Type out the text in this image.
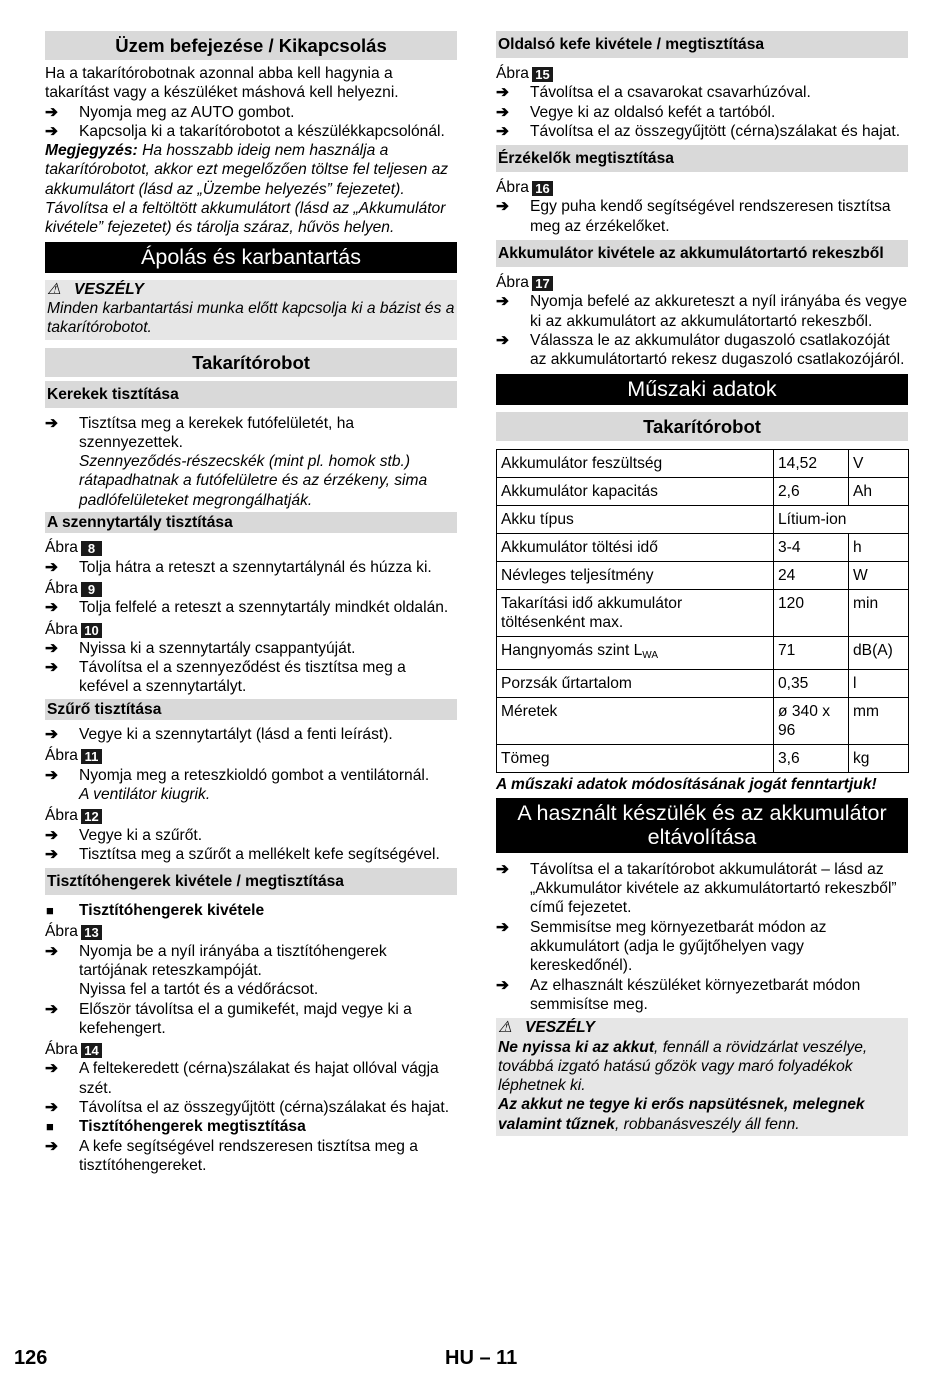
Üzem befejezése / Kikapcsolás

Ha a takarítórobotnak azonnal abba kell hagynia a takarítást vagy a készüléket máshová kell helyezni.

➔ Nyomja meg az AUTO gombot.
➔ Kapcsolja ki a takarítórobotot a készülékkapcsolónál.

Megjegyzés: Ha hosszabb ideig nem használja a takarítórobotot, akkor ezt megelőzően töltse fel teljesen az akkumulátort (lásd az „Üzembe helyezés” fejezetet). Távolítsa el a feltöltött akkumulátort (lásd az „Akkumulátor kivétele” fejezetet) és tárolja száraz, hűvös helyen.

Ápolás és karbantartás
⚠ VESZÉLY
Minden karbantartási munka előtt kapcsolja ki a bázist és a takarítórobotot.
Takarítórobot
Kerekek tisztítása
➔ Tisztítsa meg a kerekek futófelületét, ha szennyezettek.
Szennyeződés-részecskék (mint pl. homok stb.) rátapadhatnak a futófelületre és az érzékeny, sima padlófelületeket megrongálhatják.
A szennytartály tisztítása
Ábra 8
➔ Tolja hátra a reteszt a szennytartálynál és húzza ki.
Ábra 9
➔ Tolja felfelé a reteszt a szennytartály mindkét oldalán.
Ábra 10
➔ Nyissa ki a szennytartály csappantyúját.
➔ Távolítsa el a szennyeződést és tisztítsa meg a kefével a szennytartályt.
Szűrő tisztítása
➔ Vegye ki a szennytartályt (lásd a fenti leírást).
Ábra 11
➔ Nyomja meg a reteszkioldó gombot a ventilátornál.
A ventilátor kiugrik.
Ábra 12
➔ Vegye ki a szűrőt.
➔ Tisztítsa meg a szűrőt a mellékelt kefe segítségével.
Tisztítóhengerek kivétele / megtisztítása
■ Tisztítóhengerek kivétele
Ábra 13
➔ Nyomja be a nyíl irányába a tisztítóhengerek tartójának reteszkampóját.
Nyissa fel a tartót és a védőrácsot.
➔ Először távolítsa el a gumikefét, majd vegye ki a kefehengert.
Ábra 14
➔ A feltekeredett (cérna)szálakat és hajat ollóval vágja szét.
➔ Távolítsa el az összegyűjtött (cérna)szálakat és hajat.
■ Tisztítóhengerek megtisztítása
➔ A kefe segítségével rendszeresen tisztítsa meg a tisztítóhengereket.
Oldalsó kefe kivétele / megtisztítása
Ábra 15
➔ Távolítsa el a csavarokat csavarhúzóval.
➔ Vegye ki az oldalsó kefét a tartóból.
➔ Távolítsa el az összegyűjtött (cérna)szálakat és hajat.
Érzékelők megtisztítása
Ábra 16
➔ Egy puha kendő segítségével rendszeresen tisztítsa meg az érzékelőket.
Akkumulátor kivétele az akkumulátortartó rekeszből
Ábra 17
➔ Nyomja befelé az akkureteszt a nyíl irányába és vegye ki az akkumulátort az akkumulátortartó rekeszből.
➔ Válassza le az akkumulátor dugaszoló csatlakozóját az akkumulátortartó rekesz dugaszoló csatlakozójáról.
Műszaki adatok
Takarítórobot
Akkumulátor feszültség	14,52	V
Akkumulátor kapacitás	2,6	Ah
Akku típus	Lítium-ion	
Akkumulátor töltési idő	3-4	h
Névleges teljesítmény	24	W
Takarítási idő akkumulátor töltésenként max.	120	min
Hangnyomás szint $L_{WA}$	71	dB(A)
Porzsák űrtartalom	0,35	l
Méretek	ø 340 x 96	mm
Tömeg	3,6	kg
A műszaki adatok módosításának jogát fenntartjuk!
A használt készülék és az akkumulátor eltávolítása
➔ Távolítsa el a takarítórobot akkumulátorát – lásd az „Akkumulátor kivétele az akkumulátortartó rekeszből” című fejezetet.
➔ Semmisítse meg környezetbarát módon az akkumulátort (adja le gyűjtőhelyen vagy kereskedőnél).
➔ Az elhasznált készüléket környezetbarát módon semmisítse meg.
⚠ VESZÉLY
Ne nyissa ki az akkut, fennáll a rövidzárlat veszélye, továbbá izgató hatású gőzök vagy maró folyadékok léphetnek ki.
Az akkut ne tegye ki erős napsütésnek, melegnek valamint tűznek, robbanásveszély áll fenn.
126	HU – 11
